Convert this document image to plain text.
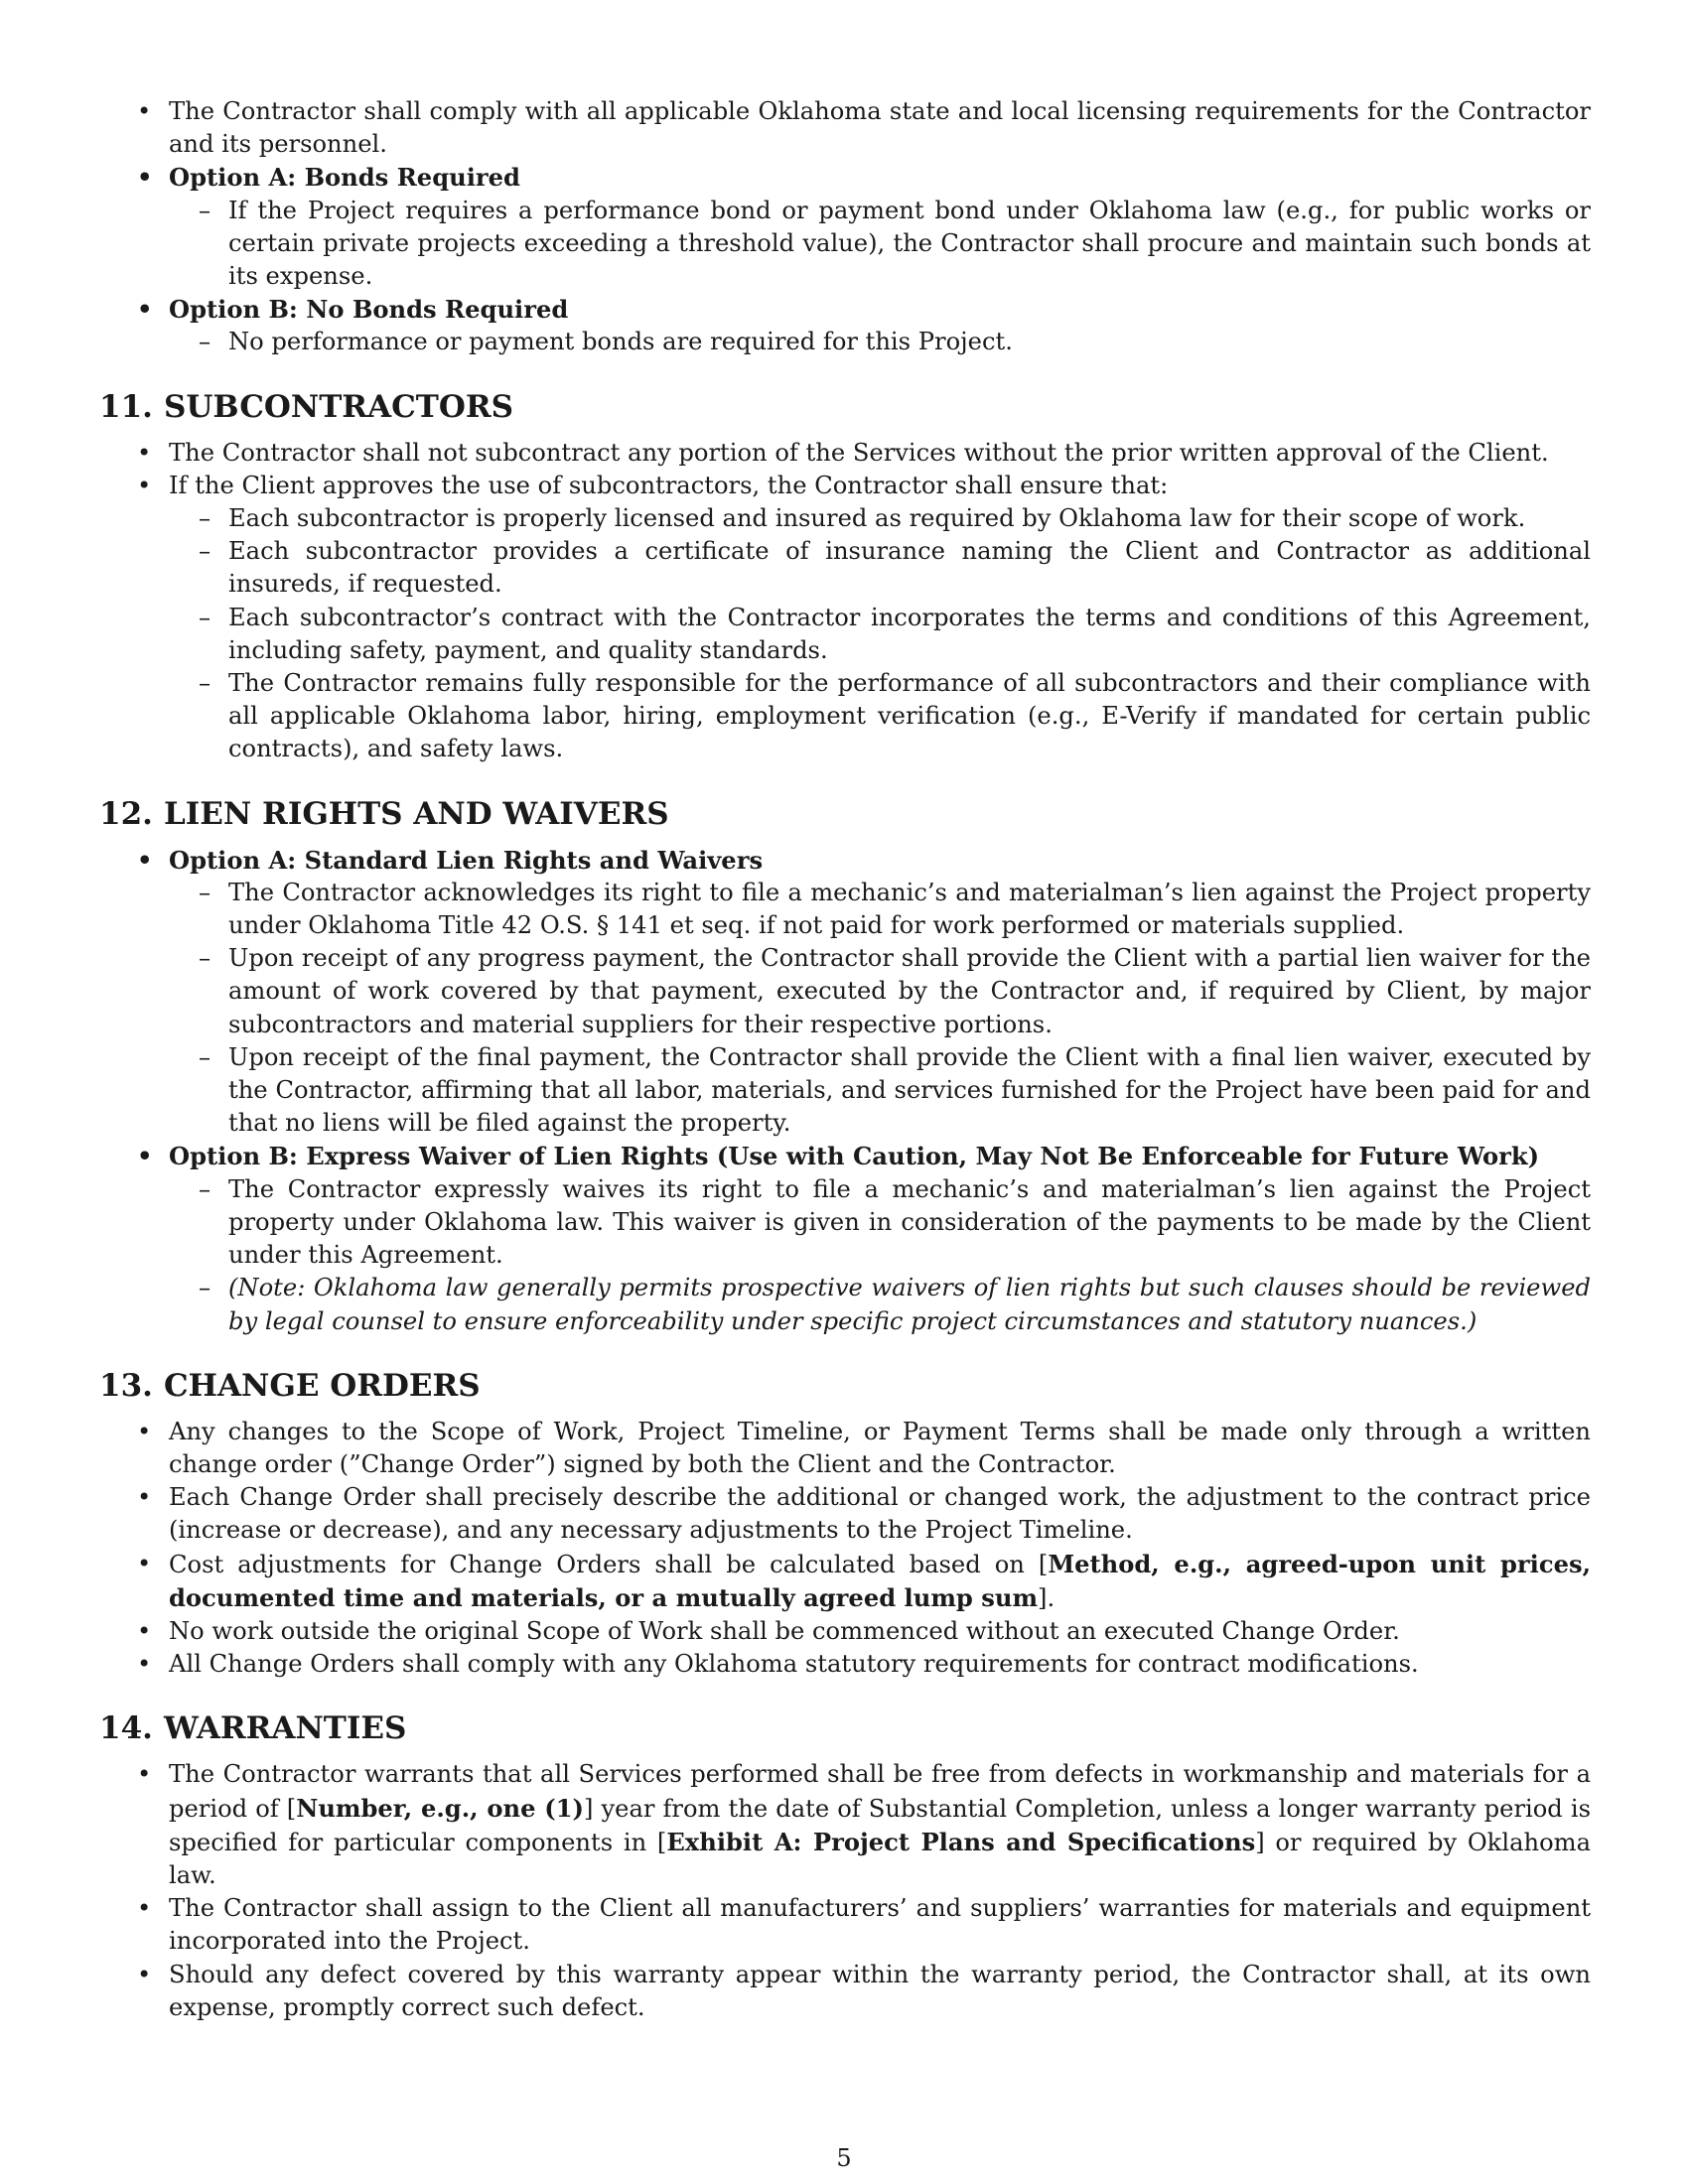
• The Contractor shall comply with all applicable Oklahoma state and local licensing requirements for the Contractor and its personnel.
• Option A: Bonds Required
– If the Project requires a performance bond or payment bond under Oklahoma law (e.g., for public works or certain private projects exceeding a threshold value), the Contractor shall procure and maintain such bonds at its expense.
• Option B: No Bonds Required
– No performance or payment bonds are required for this Project.
11. SUBCONTRACTORS
• The Contractor shall not subcontract any portion of the Services without the prior written approval of the Client.
• If the Client approves the use of subcontractors, the Contractor shall ensure that:
– Each subcontractor is properly licensed and insured as required by Oklahoma law for their scope of work.
– Each subcontractor provides a certificate of insurance naming the Client and Contractor as additional insureds, if requested.
– Each subcontractor’s contract with the Contractor incorporates the terms and conditions of this Agreement, including safety, payment, and quality standards.
– The Contractor remains fully responsible for the performance of all subcontractors and their compliance with all applicable Oklahoma labor, hiring, employment verification (e.g., E-Verify if mandated for certain public contracts), and safety laws.
12. LIEN RIGHTS AND WAIVERS
• Option A: Standard Lien Rights and Waivers
– The Contractor acknowledges its right to file a mechanic’s and materialman’s lien against the Project property under Oklahoma Title 42 O.S. § 141 et seq. if not paid for work performed or materials supplied.
– Upon receipt of any progress payment, the Contractor shall provide the Client with a partial lien waiver for the amount of work covered by that payment, executed by the Contractor and, if required by Client, by major subcontractors and material suppliers for their respective portions.
– Upon receipt of the final payment, the Contractor shall provide the Client with a final lien waiver, executed by the Contractor, affirming that all labor, materials, and services furnished for the Project have been paid for and that no liens will be filed against the property.
• Option B: Express Waiver of Lien Rights (Use with Caution, May Not Be Enforceable for Future Work)
– The Contractor expressly waives its right to file a mechanic’s and materialman’s lien against the Project property under Oklahoma law. This waiver is given in consideration of the payments to be made by the Client under this Agreement.
– (Note: Oklahoma law generally permits prospective waivers of lien rights but such clauses should be reviewed by legal counsel to ensure enforceability under specific project circumstances and statutory nuances.)
13. CHANGE ORDERS
• Any changes to the Scope of Work, Project Timeline, or Payment Terms shall be made only through a written change order (”Change Order”) signed by both the Client and the Contractor.
• Each Change Order shall precisely describe the additional or changed work, the adjustment to the contract price (increase or decrease), and any necessary adjustments to the Project Timeline.
• Cost adjustments for Change Orders shall be calculated based on [Method, e.g., agreed-upon unit prices, documented time and materials, or a mutually agreed lump sum].
• No work outside the original Scope of Work shall be commenced without an executed Change Order.
• All Change Orders shall comply with any Oklahoma statutory requirements for contract modifications.
14. WARRANTIES
• The Contractor warrants that all Services performed shall be free from defects in workmanship and materials for a period of [Number, e.g., one (1)] year from the date of Substantial Completion, unless a longer warranty period is specified for particular components in [Exhibit A: Project Plans and Specifications] or required by Oklahoma law.
• The Contractor shall assign to the Client all manufacturers’ and suppliers’ warranties for materials and equipment incorporated into the Project.
• Should any defect covered by this warranty appear within the warranty period, the Contractor shall, at its own expense, promptly correct such defect.
5
